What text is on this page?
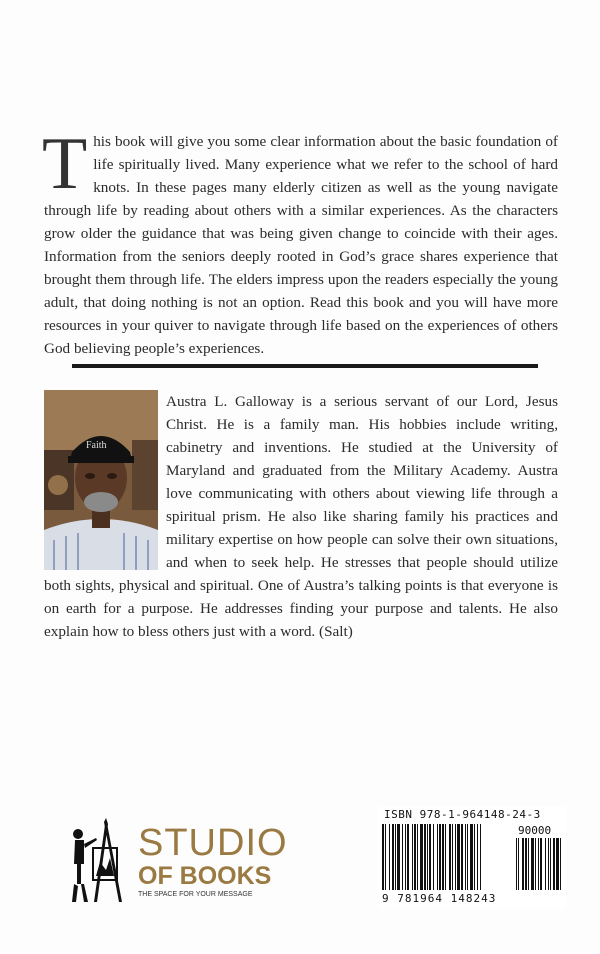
This book will give you some clear information about the basic foundation of life spiritually lived. Many experience what we refer to the school of hard knots. In these pages many elderly citizen as well as the young navigate through life by reading about others with a similar experiences. As the characters grow older the guidance that was being given change to coincide with their ages. Information from the seniors deeply rooted in God’s grace shares experience that brought them through life. The elders impress upon the readers especially the young adult, that doing nothing is not an option. Read this book and you will have more resources in your quiver to navigate through life based on the experiences of others God believing people’s experiences.
Faith
Austra L. Galloway is a serious servant of our Lord, Jesus Christ. He is a family man. His hobbies include writing, cabinetry and inventions. He studied at the University of Maryland and graduated from the Military Academy. Austra love communicating with others about viewing life through a spiritual prism. He also like sharing family his practices and military expertise on how people can solve their own situations, and when to seek help. He stresses that people should utilize both sights, physical and spiritual. One of Austra’s talking points is that everyone is on earth for a purpose. He addresses finding your purpose and talents. He also explain how to bless others just with a word. (Salt)
STUDIO
OF BOOKS
THE SPACE FOR YOUR MESSAGE
ISBN 978-1-964148-24-3
90000
9 781964 148243
